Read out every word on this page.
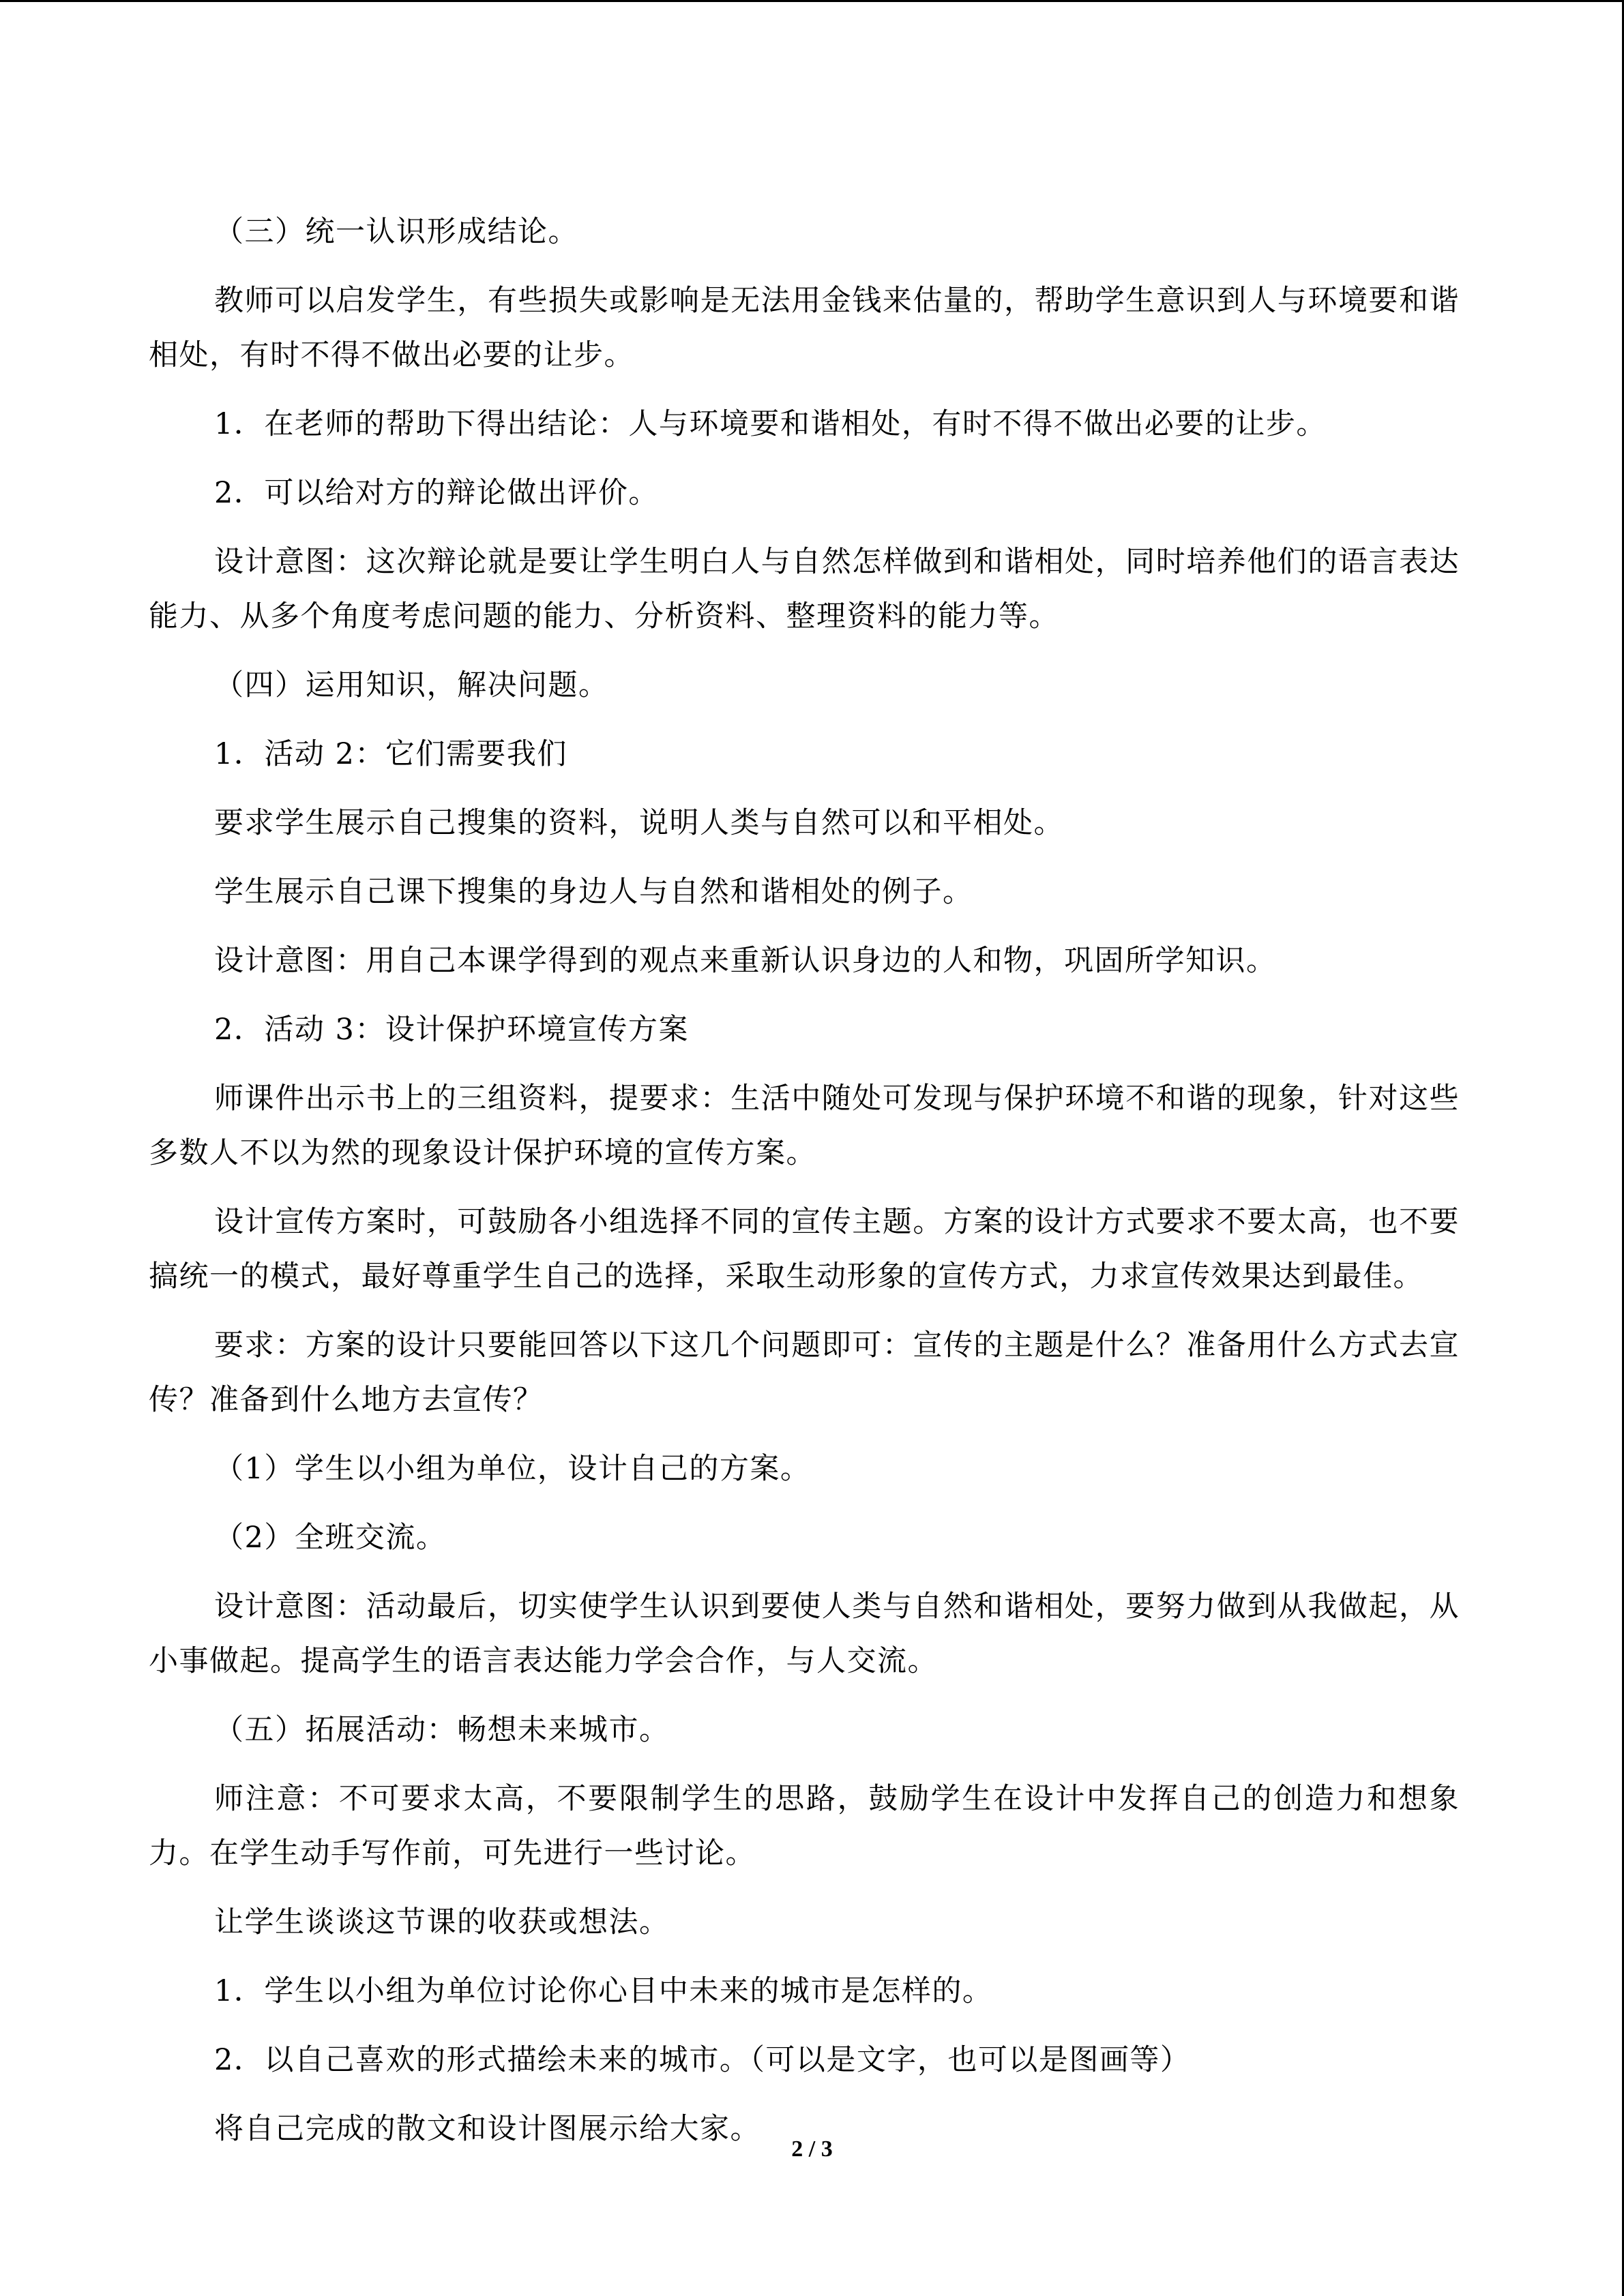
（三）统一认识形成结论。

教师可以启发学生，有些损失或影响是无法用金钱来估量的，帮助学生意识到人与环境要和谐相处，有时不得不做出必要的让步。

1．在老师的帮助下得出结论：人与环境要和谐相处，有时不得不做出必要的让步。

2．可以给对方的辩论做出评价。

设计意图：这次辩论就是要让学生明白人与自然怎样做到和谐相处，同时培养他们的语言表达能力、从多个角度考虑问题的能力、分析资料、整理资料的能力等。

（四）运用知识，解决问题。

1．活动 2：它们需要我们

要求学生展示自己搜集的资料，说明人类与自然可以和平相处。

学生展示自己课下搜集的身边人与自然和谐相处的例子。

设计意图：用自己本课学得到的观点来重新认识身边的人和物，巩固所学知识。

2．活动 3：设计保护环境宣传方案

师课件出示书上的三组资料，提要求：生活中随处可发现与保护环境不和谐的现象，针对这些多数人不以为然的现象设计保护环境的宣传方案。

设计宣传方案时，可鼓励各小组选择不同的宣传主题。方案的设计方式要求不要太高，也不要搞统一的模式，最好尊重学生自己的选择，采取生动形象的宣传方式，力求宣传效果达到最佳。

要求：方案的设计只要能回答以下这几个问题即可：宣传的主题是什么？准备用什么方式去宣传？准备到什么地方去宣传？

（1）学生以小组为单位，设计自己的方案。

（2）全班交流。

设计意图：活动最后，切实使学生认识到要使人类与自然和谐相处，要努力做到从我做起，从小事做起。提高学生的语言表达能力学会合作，与人交流。

（五）拓展活动：畅想未来城市。

师注意：不可要求太高，不要限制学生的思路，鼓励学生在设计中发挥自己的创造力和想象力。在学生动手写作前，可先进行一些讨论。

让学生谈谈这节课的收获或想法。

1．学生以小组为单位讨论你心目中未来的城市是怎样的。

2．以自己喜欢的形式描绘未来的城市。（可以是文字，也可以是图画等）

将自己完成的散文和设计图展示给大家。

2 / 3
